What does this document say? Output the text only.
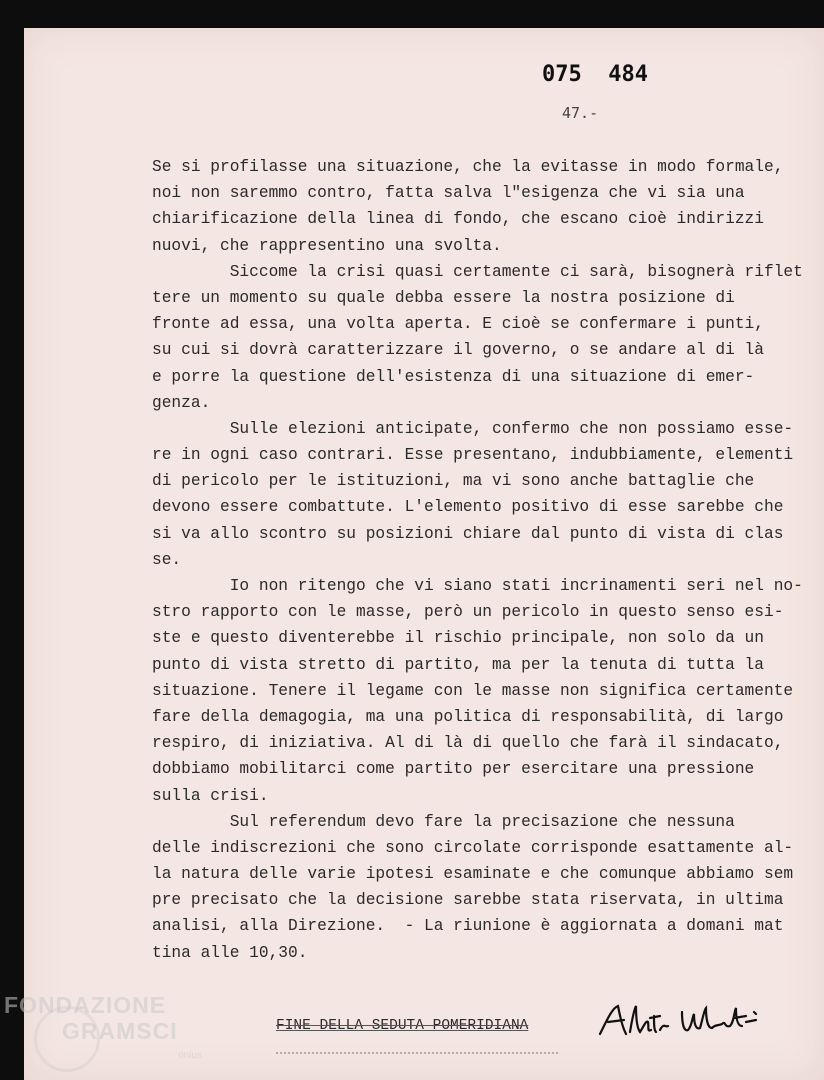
075  484
47.-
Se si profilasse una situazione, che la evitasse in modo formale,
noi non saremmo contro, fatta salva l"esigenza che vi sia una
chiarificazione della linea di fondo, che escano cioè indirizzi
nuovi, che rappresentino una svolta.
Siccome la crisi quasi certamente ci sarà, bisognerà riflet
tere un momento su quale debba essere la nostra posizione di
fronte ad essa, una volta aperta. E cioè se confermare i punti,
su cui si dovrà caratterizzare il governo, o se andare al di là
e porre la questione dell'esistenza di una situazione di emer-
genza.
Sulle elezioni anticipate, confermo che non possiamo esse-
re in ogni caso contrari. Esse presentano, indubbiamente, elementi
di pericolo per le istituzioni, ma vi sono anche battaglie che
devono essere combattute. L'elemento positivo di esse sarebbe che
si va allo scontro su posizioni chiare dal punto di vista di clas
se.
Io non ritengo che vi siano stati incrinamenti seri nel no-
stro rapporto con le masse, però un pericolo in questo senso esi-
ste e questo diventerebbe il rischio principale, non solo da un
punto di vista stretto di partito, ma per la tenuta di tutta la
situazione. Tenere il legame con le masse non significa certamente
fare della demagogia, ma una politica di responsabilità, di largo
respiro, di iniziativa. Al di là di quello che farà il sindacato,
dobbiamo mobilitarci come partito per esercitare una pressione
sulla crisi.
Sul referendum devo fare la precisazione che nessuna
delle indiscrezioni che sono circolate corrisponde esattamente al-
la natura delle varie ipotesi esaminate e che comunque abbiamo sem
pre precisato che la decisione sarebbe stata riservata, in ultima
analisi, alla Direzione.  - La riunione è aggiornata a domani mat
tina alle 10,30.
FINE DELLA SEDUTA POMERIDIANA
FONDAZIONE
GRAMSCI
onlus
